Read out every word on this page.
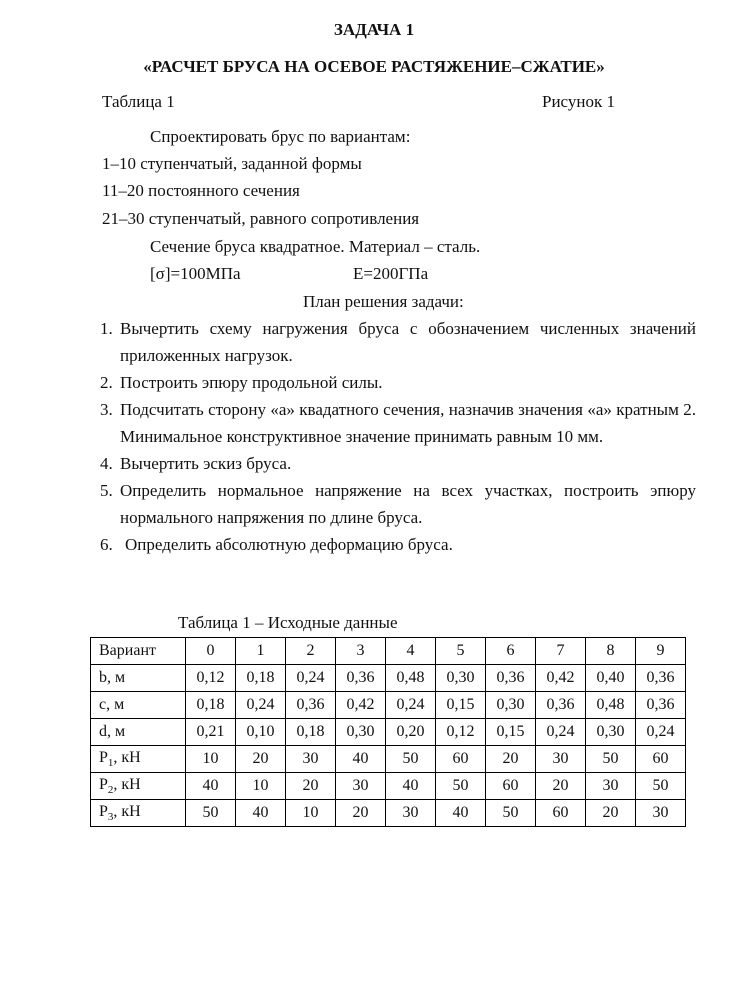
ЗАДАЧА 1
«РАСЧЕТ БРУСА НА ОСЕВОЕ РАСТЯЖЕНИЕ–СЖАТИЕ»
Таблица 1	Рисунок 1
Спроектировать брус по вариантам:
1–10 ступенчатый, заданной формы
11–20 постоянного сечения
21–30 ступенчатый, равного сопротивления
Сечение бруса квадратное. Материал – сталь.
[σ]=100МПа	Е=200ГПа
План решения задачи:
1. Вычертить схему нагружения бруса с обозначением численных значений приложенных нагрузок.
2. Построить эпюру продольной силы.
3. Подсчитать сторону «а» квадатного сечения, назначив значения «а» кратным 2. Минимальное конструктивное значение принимать равным 10 мм.
4. Вычертить эскиз бруса.
5. Определить нормальное напряжение на всех участках, построить эпюру нормального напряжения по длине бруса.
6. Определить абсолютную деформацию бруса.
Таблица 1 – Исходные данные
Вариант	0	1	2	3	4	5	6	7	8	9
b, м	0,12	0,18	0,24	0,36	0,48	0,30	0,36	0,42	0,40	0,36
c, м	0,18	0,24	0,36	0,42	0,24	0,15	0,30	0,36	0,48	0,36
d, м	0,21	0,10	0,18	0,30	0,20	0,12	0,15	0,24	0,30	0,24
$P_1$, кН	10	20	30	40	50	60	20	30	50	60
$P_2$, кН	40	10	20	30	40	50	60	20	30	50
$P_3$, кН	50	40	10	20	30	40	50	60	20	30
